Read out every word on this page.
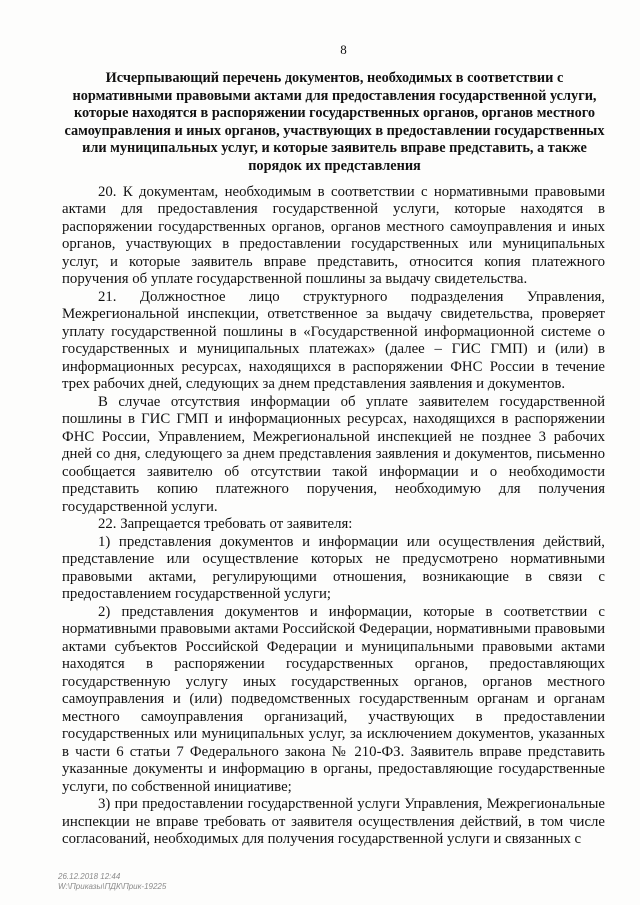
8
Исчерпывающий перечень документов, необходимых в соответствии с нормативными правовыми актами для предоставления государственной услуги, которые находятся в распоряжении государственных органов, органов местного самоуправления и иных органов, участвующих в предоставлении государственных или муниципальных услуг, и которые заявитель вправе представить, а также порядок их представления

20. К документам, необходимым в соответствии с нормативными правовыми актами для предоставления государственной услуги, которые находятся в распоряжении государственных органов, органов местного самоуправления и иных органов, участвующих в предоставлении государственных или муниципальных услуг, и которые заявитель вправе представить, относится копия платежного поручения об уплате государственной пошлины за выдачу свидетельства.

21. Должностное лицо структурного подразделения Управления, Межрегиональной инспекции, ответственное за выдачу свидетельства, проверяет уплату государственной пошлины в «Государственной информационной системе о государственных и муниципальных платежах» (далее – ГИС ГМП) и (или) в информационных ресурсах, находящихся в распоряжении ФНС России в течение трех рабочих дней, следующих за днем представления заявления и документов.

В случае отсутствия информации об уплате заявителем государственной пошлины в ГИС ГМП и информационных ресурсах, находящихся в распоряжении ФНС России, Управлением, Межрегиональной инспекцией не позднее 3 рабочих дней со дня, следующего за днем представления заявления и документов, письменно сообщается заявителю об отсутствии такой информации и о необходимости представить копию платежного поручения, необходимую для получения государственной услуги.

22. Запрещается требовать от заявителя:

1) представления документов и информации или осуществления действий, представление или осуществление которых не предусмотрено нормативными правовыми актами, регулирующими отношения, возникающие в связи с предоставлением государственной услуги;

2) представления документов и информации, которые в соответствии с нормативными правовыми актами Российской Федерации, нормативными правовыми актами субъектов Российской Федерации и муниципальными правовыми актами находятся в распоряжении государственных органов, предоставляющих государственную услугу иных государственных органов, органов местного самоуправления и (или) подведомственных государственным органам и органам местного самоуправления организаций, участвующих в предоставлении государственных или муниципальных услуг, за исключением документов, указанных в части 6 статьи 7 Федерального закона № 210-ФЗ. Заявитель вправе представить указанные документы и информацию в органы, предоставляющие государственные услуги, по собственной инициативе;

3) при предоставлении государственной услуги Управления, Межрегиональные инспекции не вправе требовать от заявителя осуществления действий, в том числе согласований, необходимых для получения государственной услуги и связанных с

26.12.2018 12:44
W:\Приказы\ПДК\Прик-19225
